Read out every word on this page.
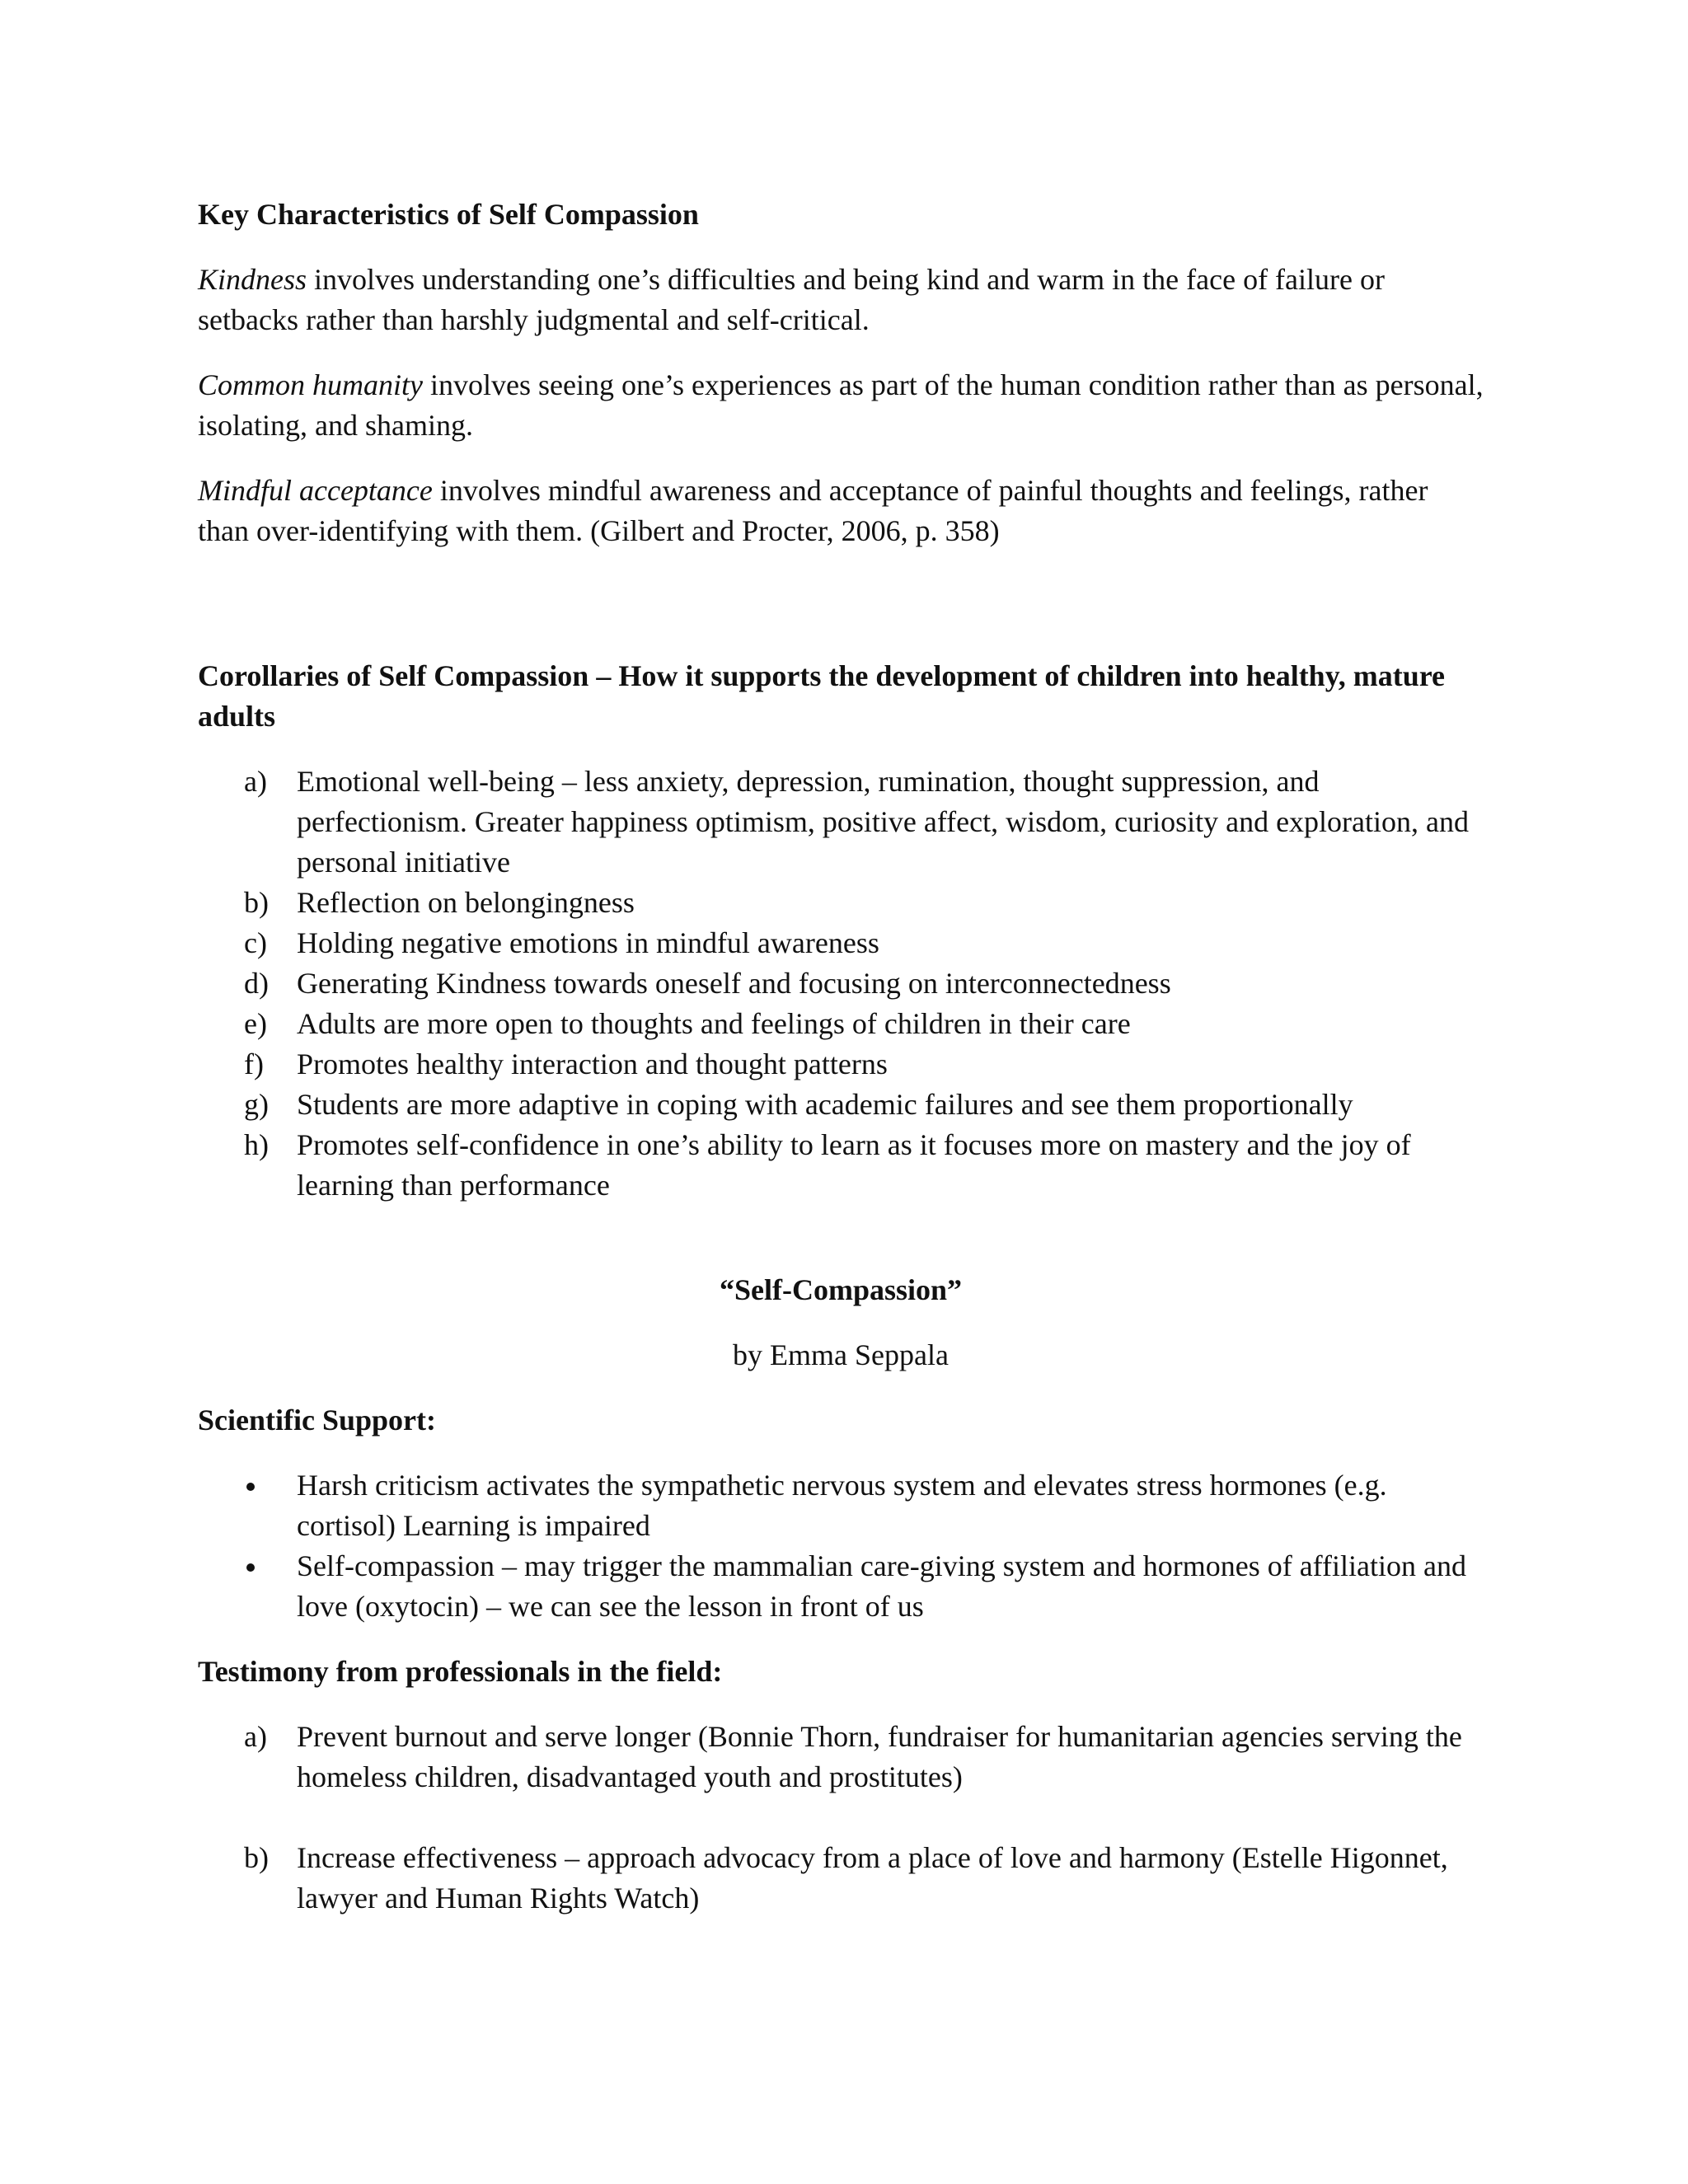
Key Characteristics of Self Compassion

Kindness involves understanding one’s difficulties and being kind and warm in the face of failure or setbacks rather than harshly judgmental and self-critical.

Common humanity involves seeing one’s experiences as part of the human condition rather than as personal, isolating, and shaming.

Mindful acceptance involves mindful awareness and acceptance of painful thoughts and feelings, rather than over-identifying with them. (Gilbert and Procter, 2006, p. 358)

Corollaries of Self Compassion – How it supports the development of children into healthy, mature adults

a) Emotional well-being – less anxiety, depression, rumination, thought suppression, and perfectionism. Greater happiness optimism, positive affect, wisdom, curiosity and exploration, and personal initiative
b) Reflection on belongingness
c) Holding negative emotions in mindful awareness
d) Generating Kindness towards oneself and focusing on interconnectedness
e) Adults are more open to thoughts and feelings of children in their care
f) Promotes healthy interaction and thought patterns
g) Students are more adaptive in coping with academic failures and see them proportionally
h) Promotes self-confidence in one’s ability to learn as it focuses more on mastery and the joy of learning than performance

“Self-Compassion”

by Emma Seppala

Scientific Support:

Harsh criticism activates the sympathetic nervous system and elevates stress hormones (e.g. cortisol) Learning is impaired
Self-compassion – may trigger the mammalian care-giving system and hormones of affiliation and love (oxytocin) – we can see the lesson in front of us

Testimony from professionals in the field:

a) Prevent burnout and serve longer (Bonnie Thorn, fundraiser for humanitarian agencies serving the homeless children, disadvantaged youth and prostitutes)
b) Increase effectiveness – approach advocacy from a place of love and harmony (Estelle Higonnet, lawyer and Human Rights Watch)
